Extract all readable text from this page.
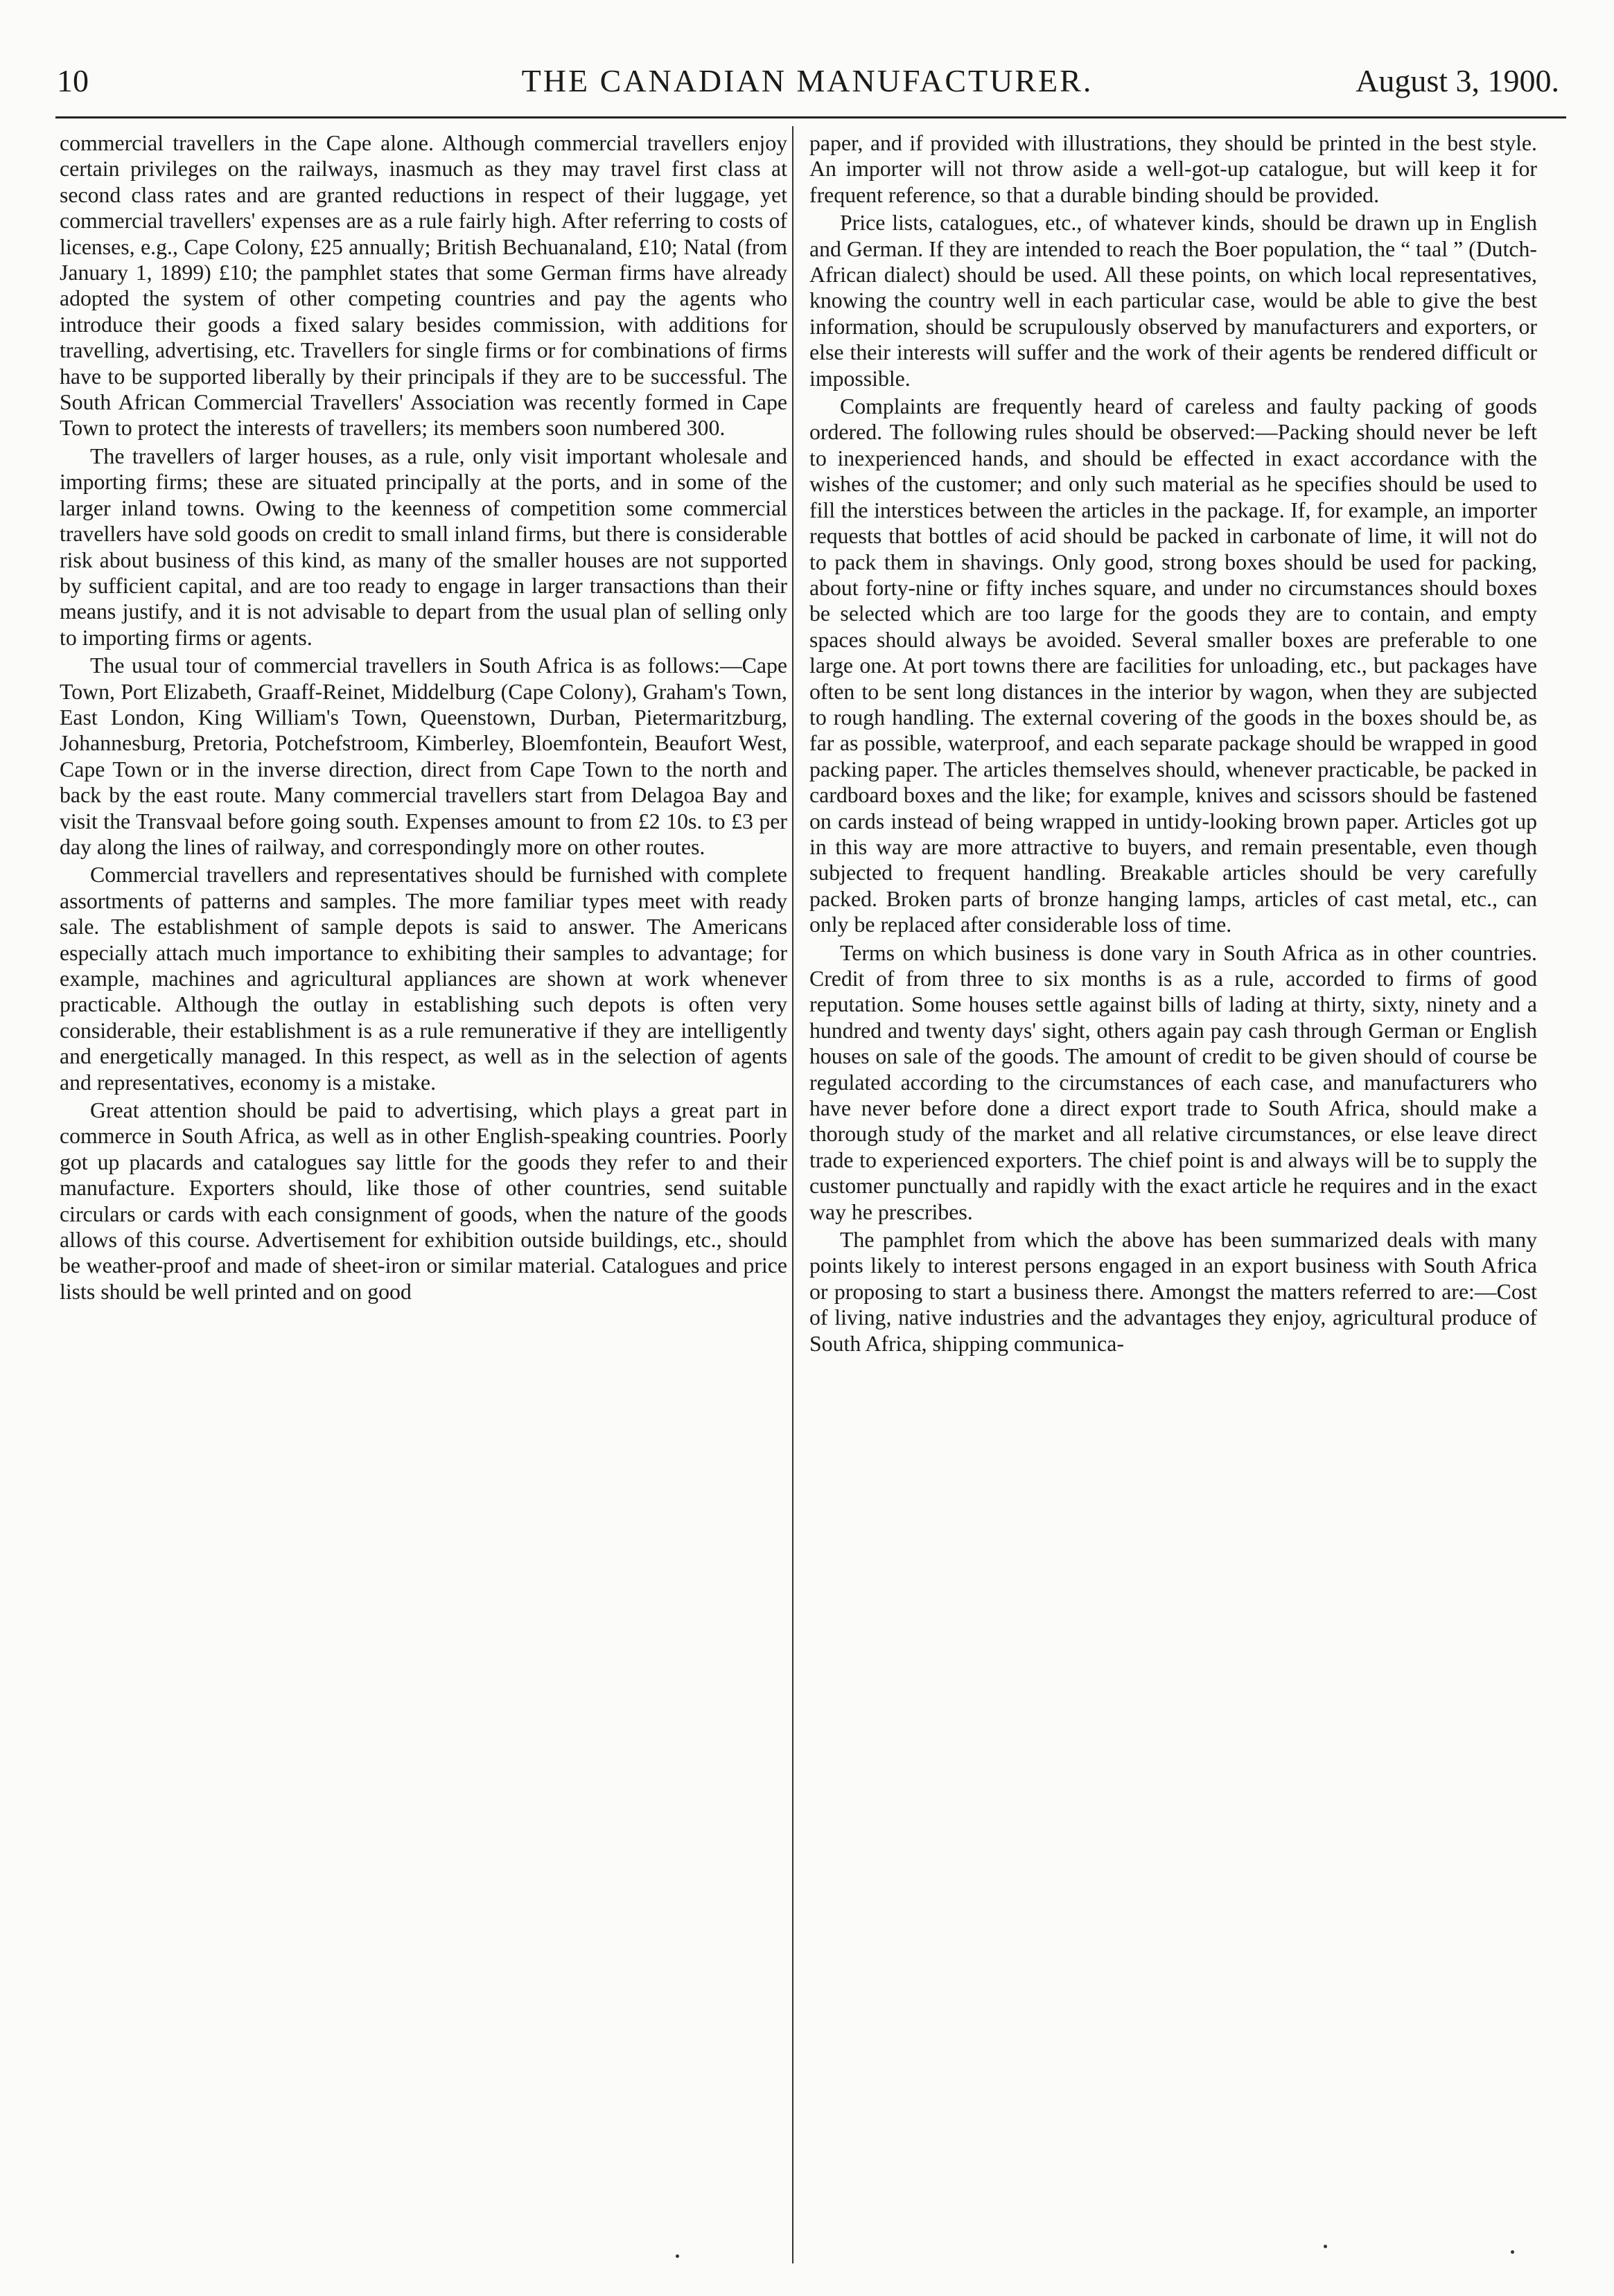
10	THE CANADIAN MANUFACTURER.	August 3, 1900.

commercial travellers in the Cape alone. Although commercial travellers enjoy certain privileges on the railways, inasmuch as they may travel first class at second class rates and are granted reductions in respect of their luggage, yet commercial travellers' expenses are as a rule fairly high. After referring to costs of licenses, e.g., Cape Colony, £25 annually; British Bechuanaland, £10; Natal (from January 1, 1899) £10; the pamphlet states that some German firms have already adopted the system of other competing countries and pay the agents who introduce their goods a fixed salary besides commission, with additions for travelling, advertising, etc. Travellers for single firms or for combinations of firms have to be supported liberally by their principals if they are to be successful. The South African Commercial Travellers' Association was recently formed in Cape Town to protect the interests of travellers; its members soon numbered 300.

The travellers of larger houses, as a rule, only visit important wholesale and importing firms; these are situated principally at the ports, and in some of the larger inland towns. Owing to the keenness of competition some commercial travellers have sold goods on credit to small inland firms, but there is considerable risk about business of this kind, as many of the smaller houses are not supported by sufficient capital, and are too ready to engage in larger transactions than their means justify, and it is not advisable to depart from the usual plan of selling only to importing firms or agents.

The usual tour of commercial travellers in South Africa is as follows:—Cape Town, Port Elizabeth, Graaff-Reinet, Middelburg (Cape Colony), Graham's Town, East London, King William's Town, Queenstown, Durban, Pietermaritzburg, Johannesburg, Pretoria, Potchefstroom, Kimberley, Bloemfontein, Beaufort West, Cape Town or in the inverse direction, direct from Cape Town to the north and back by the east route. Many commercial travellers start from Delagoa Bay and visit the Transvaal before going south. Expenses amount to from £2 10s. to £3 per day along the lines of railway, and correspondingly more on other routes.

Commercial travellers and representatives should be furnished with complete assortments of patterns and samples. The more familiar types meet with ready sale. The establishment of sample depots is said to answer. The Americans especially attach much importance to exhibiting their samples to advantage; for example, machines and agricultural appliances are shown at work whenever practicable. Although the outlay in establishing such depots is often very considerable, their establishment is as a rule remunerative if they are intelligently and energetically managed. In this respect, as well as in the selection of agents and representatives, economy is a mistake.

Great attention should be paid to advertising, which plays a great part in commerce in South Africa, as well as in other English-speaking countries. Poorly got up placards and catalogues say little for the goods they refer to and their manufacture. Exporters should, like those of other countries, send suitable circulars or cards with each consignment of goods, when the nature of the goods allows of this course. Advertisement for exhibition outside buildings, etc., should be weather-proof and made of sheet-iron or similar material. Catalogues and price lists should be well printed and on good

paper, and if provided with illustrations, they should be printed in the best style. An importer will not throw aside a well-got-up catalogue, but will keep it for frequent reference, so that a durable binding should be provided.

Price lists, catalogues, etc., of whatever kinds, should be drawn up in English and German. If they are intended to reach the Boer population, the “ taal ” (Dutch-African dialect) should be used. All these points, on which local representatives, knowing the country well in each particular case, would be able to give the best information, should be scrupulously observed by manufacturers and exporters, or else their interests will suffer and the work of their agents be rendered difficult or impossible.

Complaints are frequently heard of careless and faulty packing of goods ordered. The following rules should be observed:—Packing should never be left to inexperienced hands, and should be effected in exact accordance with the wishes of the customer; and only such material as he specifies should be used to fill the interstices between the articles in the package. If, for example, an importer requests that bottles of acid should be packed in carbonate of lime, it will not do to pack them in shavings. Only good, strong boxes should be used for packing, about forty-nine or fifty inches square, and under no circumstances should boxes be selected which are too large for the goods they are to contain, and empty spaces should always be avoided. Several smaller boxes are preferable to one large one. At port towns there are facilities for unloading, etc., but packages have often to be sent long distances in the interior by wagon, when they are subjected to rough handling. The external covering of the goods in the boxes should be, as far as possible, waterproof, and each separate package should be wrapped in good packing paper. The articles themselves should, whenever practicable, be packed in cardboard boxes and the like; for example, knives and scissors should be fastened on cards instead of being wrapped in untidy-looking brown paper. Articles got up in this way are more attractive to buyers, and remain presentable, even though subjected to frequent handling. Breakable articles should be very carefully packed. Broken parts of bronze hanging lamps, articles of cast metal, etc., can only be replaced after considerable loss of time.

Terms on which business is done vary in South Africa as in other countries. Credit of from three to six months is as a rule, accorded to firms of good reputation. Some houses settle against bills of lading at thirty, sixty, ninety and a hundred and twenty days' sight, others again pay cash through German or English houses on sale of the goods. The amount of credit to be given should of course be regulated according to the circumstances of each case, and manufacturers who have never before done a direct export trade to South Africa, should make a thorough study of the market and all relative circumstances, or else leave direct trade to experienced exporters. The chief point is and always will be to supply the customer punctually and rapidly with the exact article he requires and in the exact way he prescribes.

The pamphlet from which the above has been summarized deals with many points likely to interest persons engaged in an export business with South Africa or proposing to start a business there. Amongst the matters referred to are:—Cost of living, native industries and the advantages they enjoy, agricultural produce of South Africa, shipping communica-
